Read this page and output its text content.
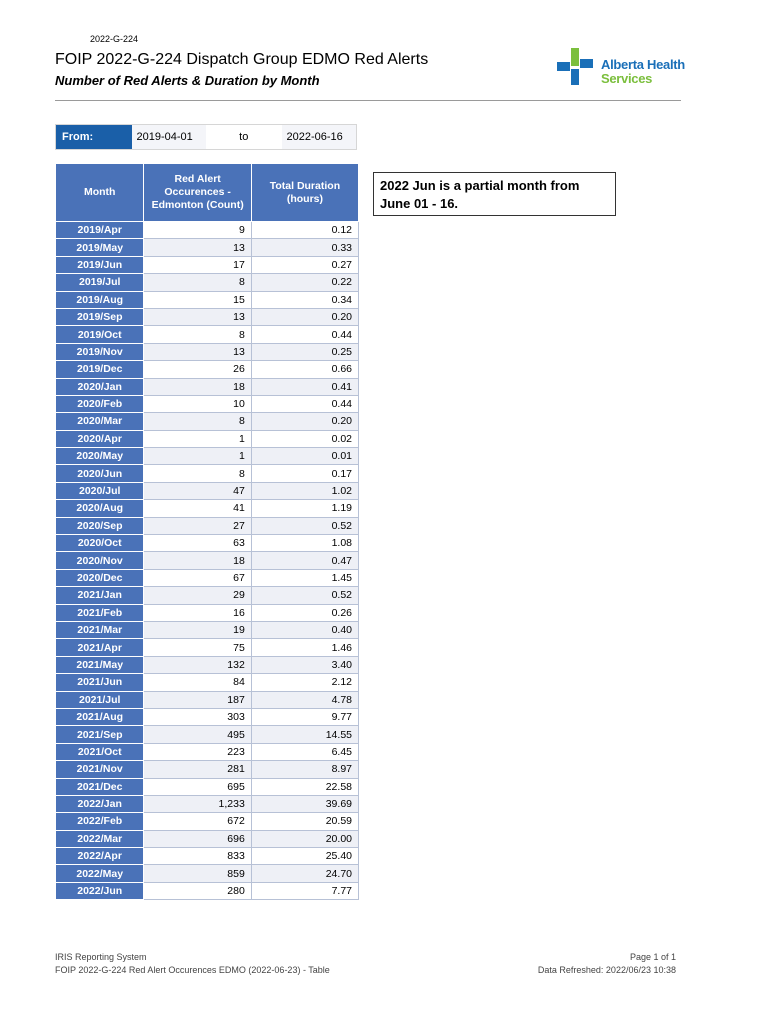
2022-G-224
FOIP 2022-G-224 Dispatch Group EDMO Red Alerts
Number of Red Alerts & Duration by Month
Alberta Health
Services
From:	2019-04-01	to	2022-06-16
Month	Red Alert Occurences - Edmonton (Count)	Total Duration (hours)
2019/Apr	9	0.12
2019/May	13	0.33
2019/Jun	17	0.27
2019/Jul	8	0.22
2019/Aug	15	0.34
2019/Sep	13	0.20
2019/Oct	8	0.44
2019/Nov	13	0.25
2019/Dec	26	0.66
2020/Jan	18	0.41
2020/Feb	10	0.44
2020/Mar	8	0.20
2020/Apr	1	0.02
2020/May	1	0.01
2020/Jun	8	0.17
2020/Jul	47	1.02
2020/Aug	41	1.19
2020/Sep	27	0.52
2020/Oct	63	1.08
2020/Nov	18	0.47
2020/Dec	67	1.45
2021/Jan	29	0.52
2021/Feb	16	0.26
2021/Mar	19	0.40
2021/Apr	75	1.46
2021/May	132	3.40
2021/Jun	84	2.12
2021/Jul	187	4.78
2021/Aug	303	9.77
2021/Sep	495	14.55
2021/Oct	223	6.45
2021/Nov	281	8.97
2021/Dec	695	22.58
2022/Jan	1,233	39.69
2022/Feb	672	20.59
2022/Mar	696	20.00
2022/Apr	833	25.40
2022/May	859	24.70
2022/Jun	280	7.77
2022 Jun is a partial month from June 01 - 16.
IRIS Reporting System
FOIP 2022-G-224 Red Alert Occurences EDMO (2022-06-23) - Table
Page 1 of 1
Data Refreshed: 2022/06/23 10:38
